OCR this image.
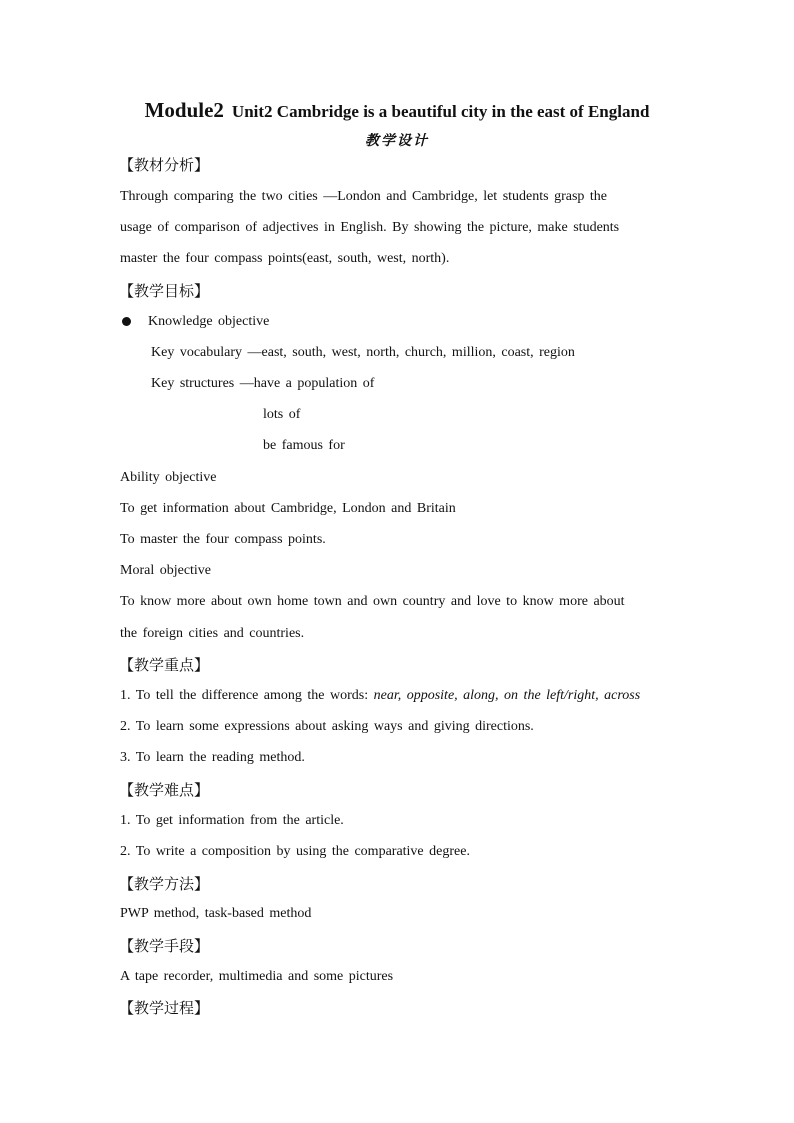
Module2 Unit2 Cambridge is a beautiful city in the east of England
教学设计
【教材分析】
Through comparing the two cities —London and Cambridge, let students grasp the
usage of comparison of adjectives in English. By showing the picture, make students
master the four compass points(east, south, west, north).
【教学目标】
Knowledge objective
Key vocabulary —east, south, west, north, church, million, coast, region
Key structures —have a population of
lots of
be famous for
Ability objective
To get information about Cambridge, London and Britain
To master the four compass points.
Moral objective
To know more about own home town and own country and love to know more about
the foreign cities and countries.
【教学重点】
1. To tell the difference among the words: near, opposite, along, on the left/right, across
2. To learn some expressions about asking ways and giving directions.
3. To learn the reading method.
【教学难点】
1. To get information from the article.
2. To write a composition by using the comparative degree.
【教学方法】
PWP method, task-based method
【教学手段】
A tape recorder, multimedia and some pictures
【教学过程】
